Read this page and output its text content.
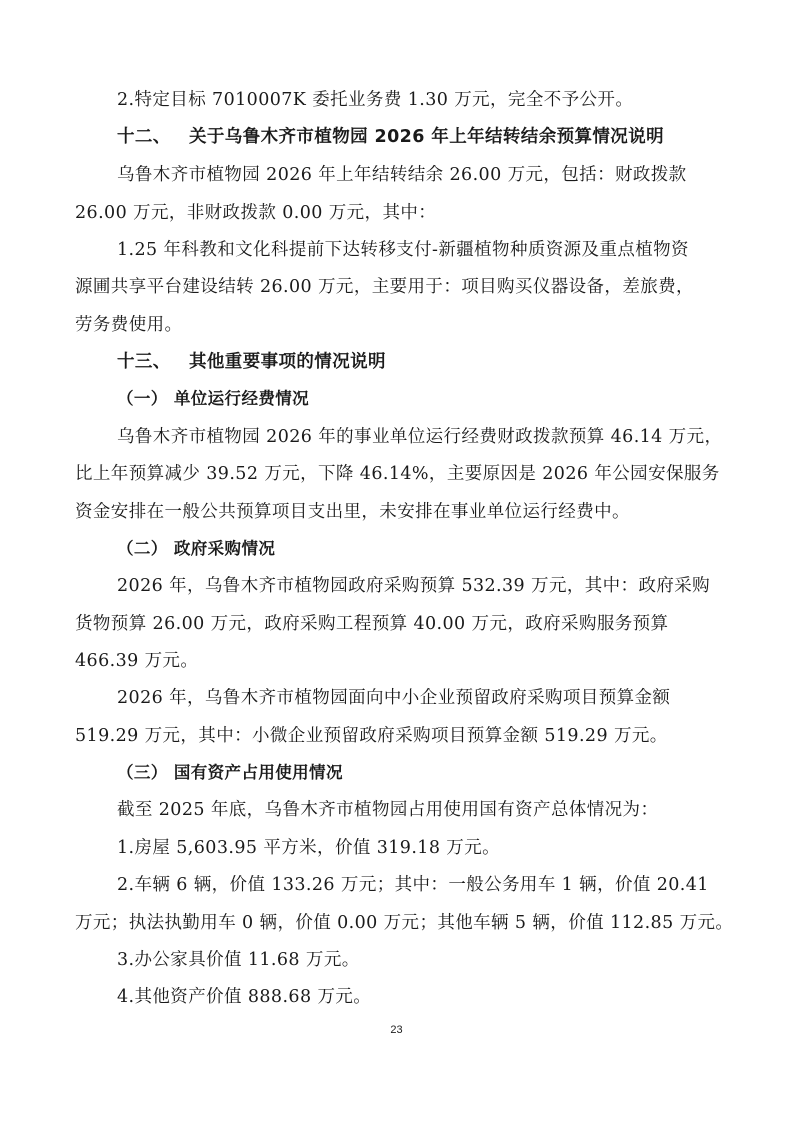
2.特定目标 7010007K 委托业务费 1.30 万元，完全不予公开。
十二、 关于乌鲁木齐市植物园 2026 年上年结转结余预算情况说明
乌鲁木齐市植物园 2026 年上年结转结余 26.00 万元，包括：财政拨款
26.00 万元，非财政拨款 0.00 万元，其中：
1.25 年科教和文化科提前下达转移支付-新疆植物种质资源及重点植物资
源圃共享平台建设结转 26.00 万元，主要用于：项目购买仪器设备，差旅费，
劳务费使用。
十三、 其他重要事项的情况说明
（一） 单位运行经费情况
乌鲁木齐市植物园 2026 年的事业单位运行经费财政拨款预算 46.14 万元，
比上年预算减少 39.52 万元，下降 46.14%，主要原因是 2026 年公园安保服务
资金安排在一般公共预算项目支出里，未安排在事业单位运行经费中。
（二） 政府采购情况
2026 年，乌鲁木齐市植物园政府采购预算 532.39 万元，其中：政府采购
货物预算 26.00 万元，政府采购工程预算 40.00 万元，政府采购服务预算
466.39 万元。
2026 年，乌鲁木齐市植物园面向中小企业预留政府采购项目预算金额
519.29 万元，其中：小微企业预留政府采购项目预算金额 519.29 万元。
（三） 国有资产占用使用情况
截至 2025 年底，乌鲁木齐市植物园占用使用国有资产总体情况为：
1.房屋 5,603.95 平方米，价值 319.18 万元。
2.车辆 6 辆，价值 133.26 万元；其中：一般公务用车 1 辆，价值 20.41
万元；执法执勤用车 0 辆，价值 0.00 万元；其他车辆 5 辆，价值 112.85 万元。
3.办公家具价值 11.68 万元。
4.其他资产价值 888.68 万元。
23
